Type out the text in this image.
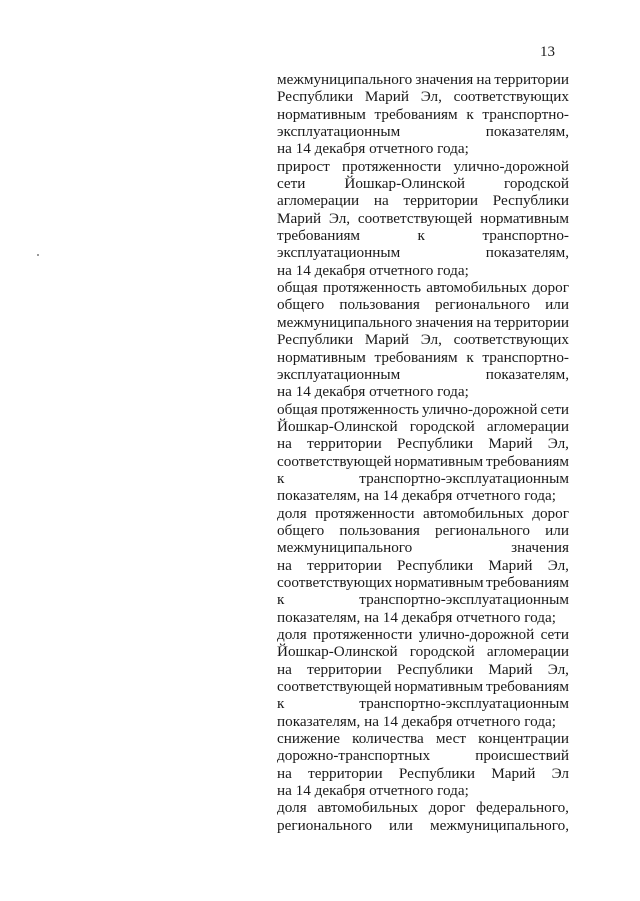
13
межмуниципального значения на территории
Республики Марий Эл, соответствующих
нормативным требованиям к транспортно-
эксплуатационным	показателям,
на 14 декабря отчетного года;
прирост протяженности улично-дорожной
сети	Йошкар-Олинской	городской
агломерации на территории Республики
Марий Эл, соответствующей нормативным
требованиям	к	транспортно-
эксплуатационным	показателям,
на 14 декабря отчетного года;
общая протяженность автомобильных дорог
общего пользования регионального или
межмуниципального значения на территории
Республики Марий Эл, соответствующих
нормативным требованиям к транспортно-
эксплуатационным	показателям,
на 14 декабря отчетного года;
общая протяженность улично-дорожной сети
Йошкар-Олинской городской агломерации
на территории Республики Марий Эл,
соответствующей нормативным требованиям
к	транспортно-эксплуатационным
показателям, на 14 декабря отчетного года;
доля протяженности автомобильных дорог
общего пользования регионального или
межмуниципального	значения
на территории Республики Марий Эл,
соответствующих нормативным требованиям
к	транспортно-эксплуатационным
показателям, на 14 декабря отчетного года;
доля протяженности улично-дорожной сети
Йошкар-Олинской городской агломерации
на территории Республики Марий Эл,
соответствующей нормативным требованиям
к	транспортно-эксплуатационным
показателям, на 14 декабря отчетного года;
снижение количества мест концентрации
дорожно-транспортных	происшествий
на территории Республики Марий Эл
на 14 декабря отчетного года;
доля автомобильных дорог федерального,
регионального или межмуниципального,
